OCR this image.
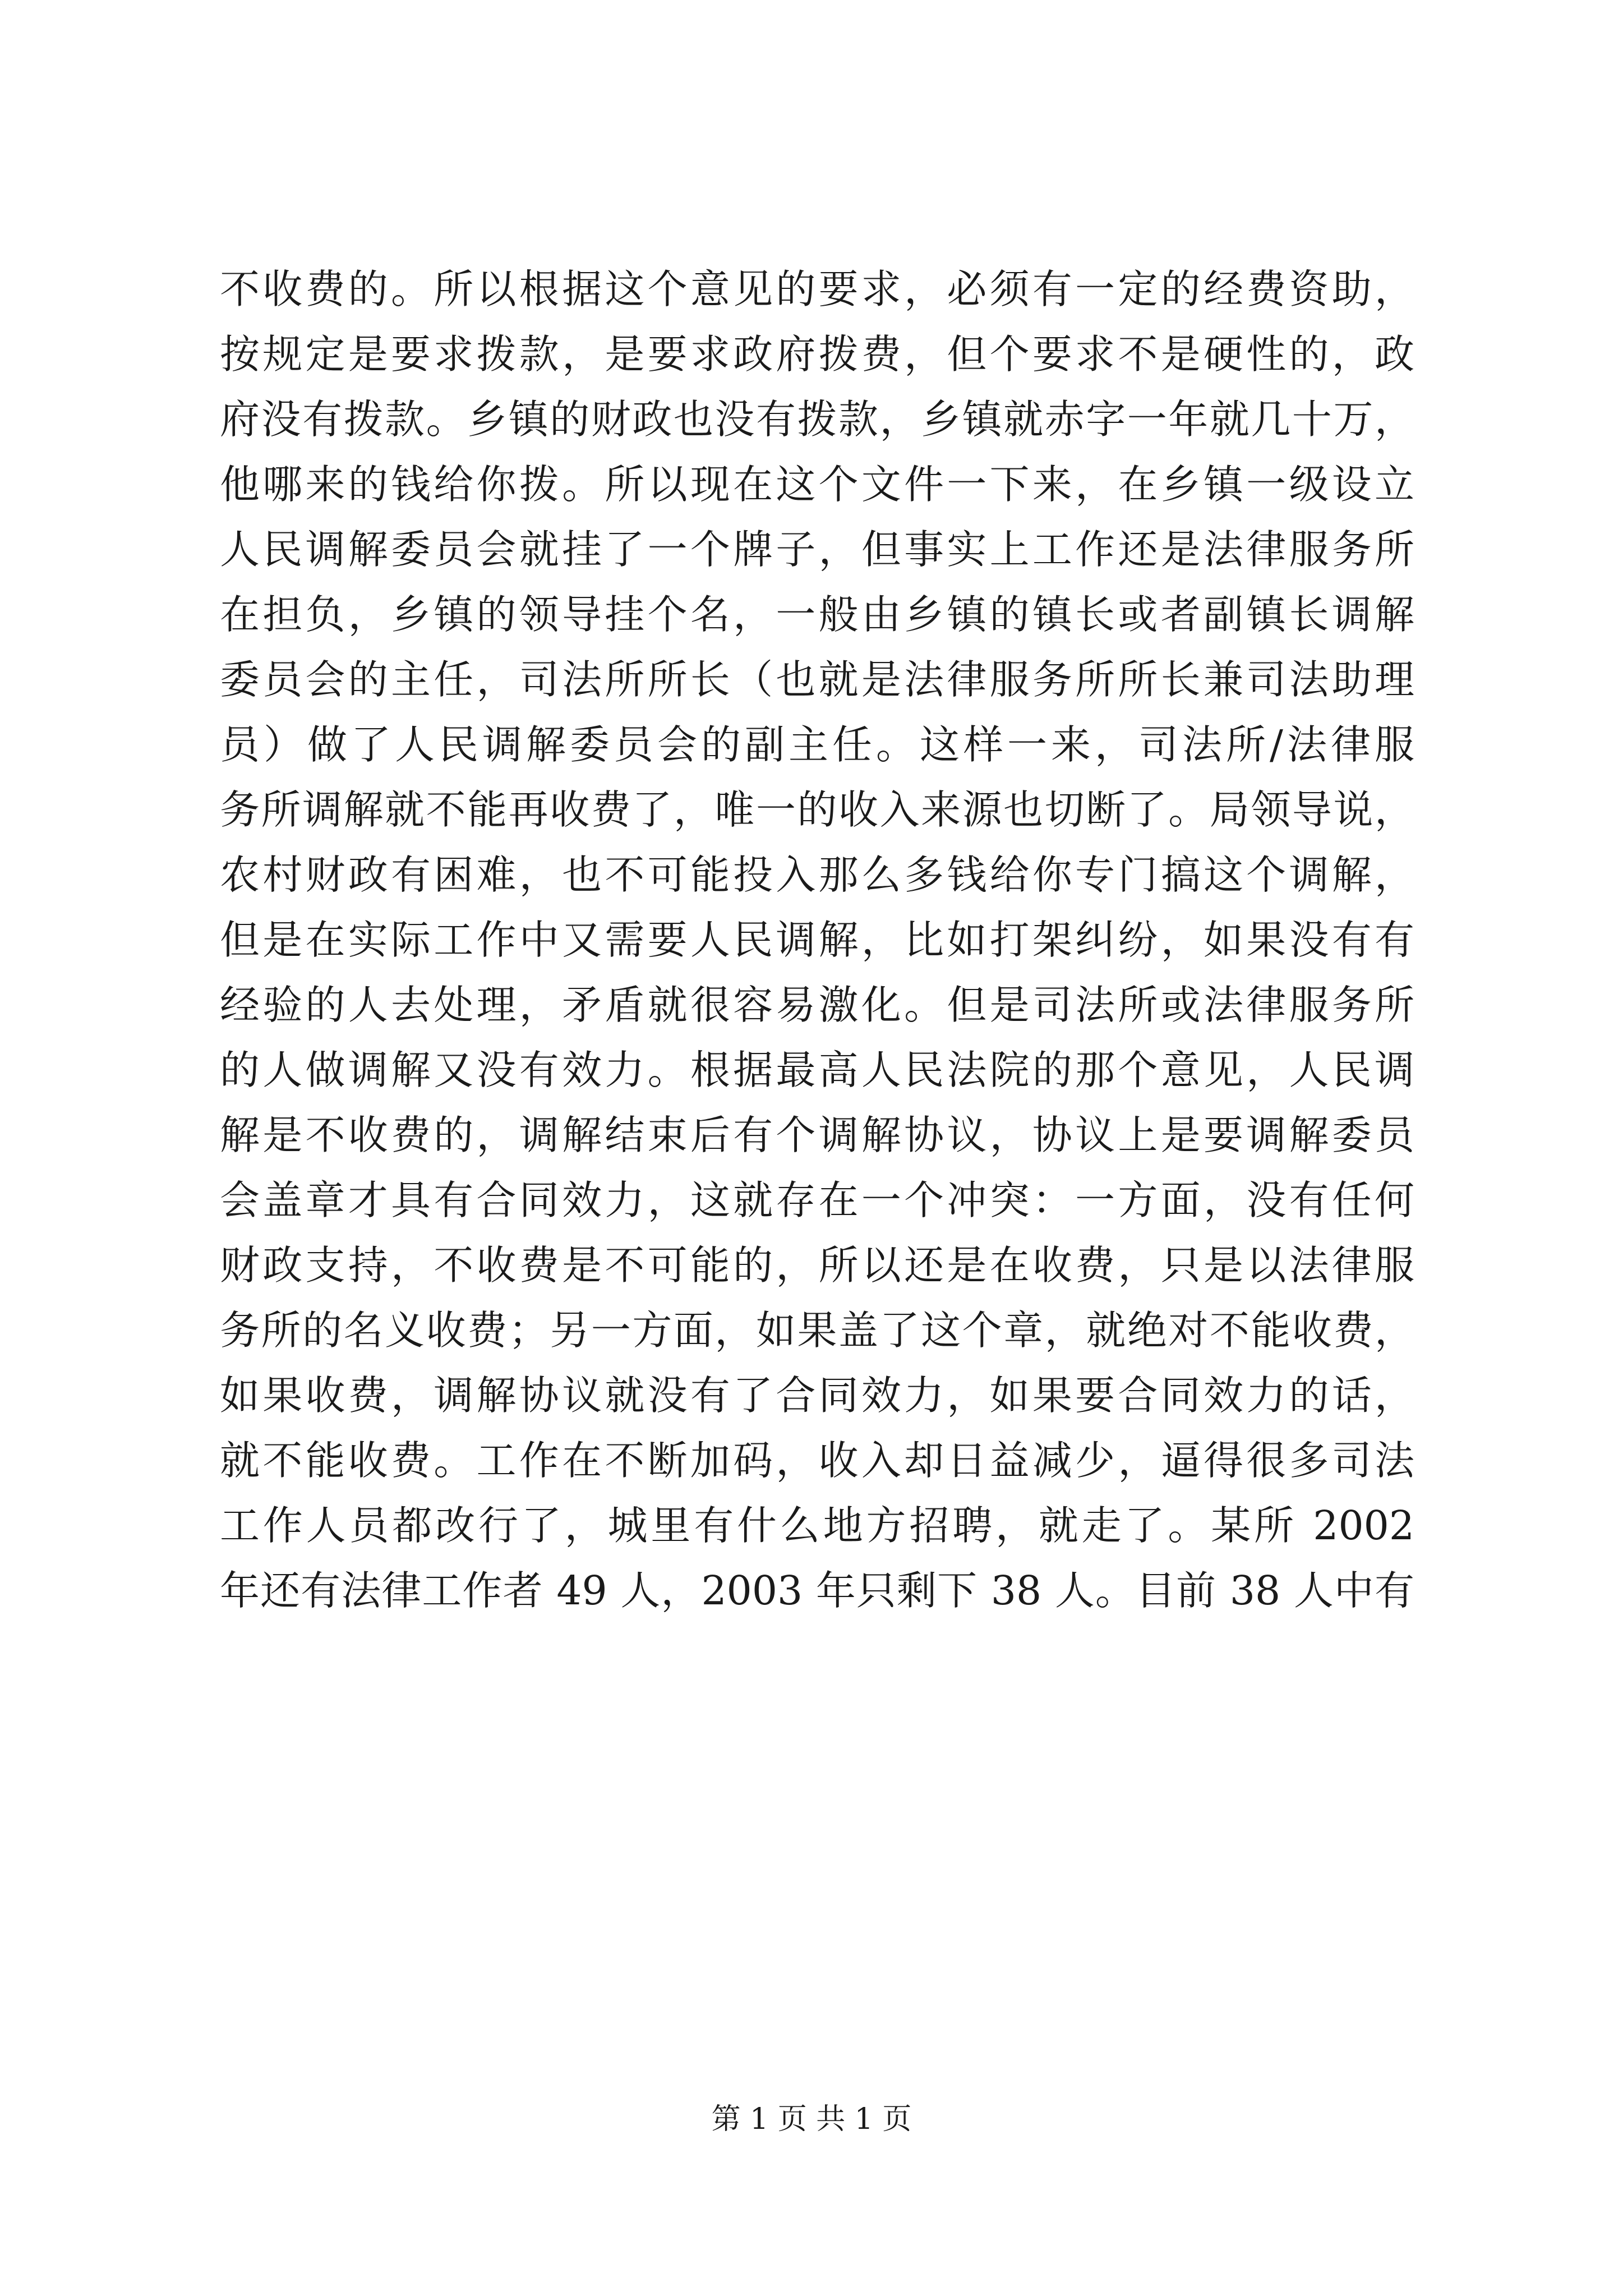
不收费的。所以根据这个意见的要求，必须有一定的经费资助，
按规定是要求拨款，是要求政府拨费，但个要求不是硬性的，政
府没有拨款。乡镇的财政也没有拨款，乡镇就赤字一年就几十万，
他哪来的钱给你拨。所以现在这个文件一下来，在乡镇一级设立
人民调解委员会就挂了一个牌子，但事实上工作还是法律服务所
在担负，乡镇的领导挂个名，一般由乡镇的镇长或者副镇长调解
委员会的主任，司法所所长（也就是法律服务所所长兼司法助理
员）做了人民调解委员会的副主任。这样一来，司法所/法律服
务所调解就不能再收费了，唯一的收入来源也切断了。局领导说，
农村财政有困难，也不可能投入那么多钱给你专门搞这个调解，
但是在实际工作中又需要人民调解，比如打架纠纷，如果没有有
经验的人去处理，矛盾就很容易激化。但是司法所或法律服务所
的人做调解又没有效力。根据最高人民法院的那个意见，人民调
解是不收费的，调解结束后有个调解协议，协议上是要调解委员
会盖章才具有合同效力，这就存在一个冲突：一方面，没有任何
财政支持，不收费是不可能的，所以还是在收费，只是以法律服
务所的名义收费；另一方面，如果盖了这个章，就绝对不能收费，
如果收费，调解协议就没有了合同效力，如果要合同效力的话，
就不能收费。工作在不断加码，收入却日益减少，逼得很多司法
工作人员都改行了，城里有什么地方招聘，就走了。某所 2002
年还有法律工作者 49 人，2003 年只剩下 38 人。目前 38 人中有
第 1 页 共 1 页
